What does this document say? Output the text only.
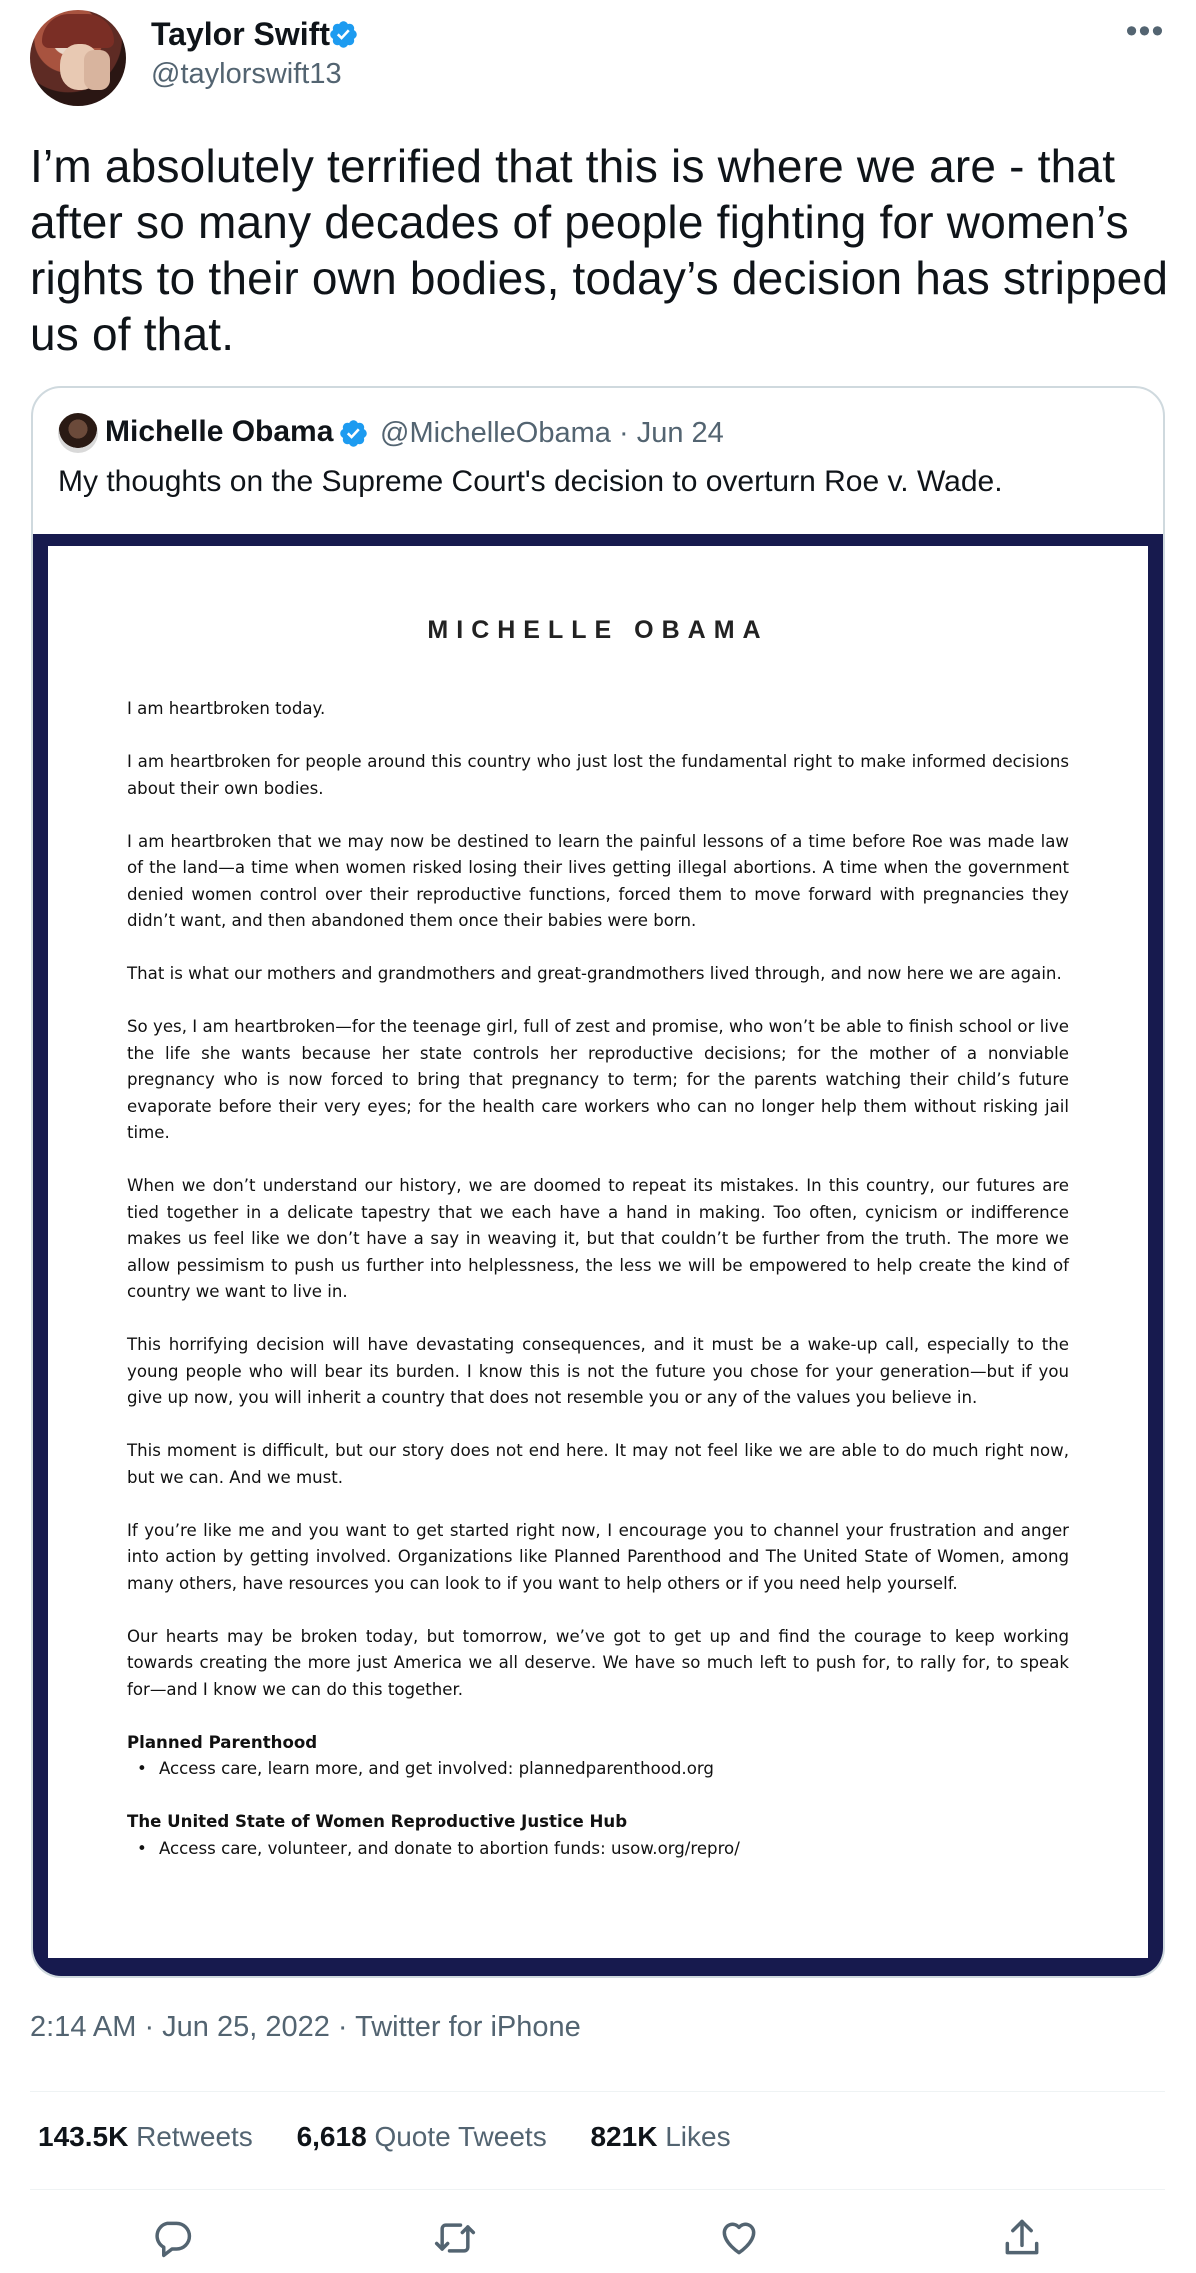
Taylor Swift
@taylorswift13
•••
I’m absolutely terrified that this is where we are - that after so many decades of people fighting for women’s rights to their own bodies, today’s decision has stripped us of that.
Michelle Obama @MichelleObama · Jun 24
My thoughts on the Supreme Court's decision to overturn Roe v. Wade.
MICHELLE OBAMA

I am heartbroken today.

I am heartbroken for people around this country who just lost the fundamental right to make informed decisions about their own bodies.

I am heartbroken that we may now be destined to learn the painful lessons of a time before Roe was made law of the land—a time when women risked losing their lives getting illegal abortions. A time when the government denied women control over their reproductive functions, forced them to move forward with pregnancies they didn’t want, and then abandoned them once their babies were born.

That is what our mothers and grandmothers and great-grandmothers lived through, and now here we are again.

So yes, I am heartbroken—for the teenage girl, full of zest and promise, who won’t be able to finish school or live the life she wants because her state controls her reproductive decisions; for the mother of a nonviable pregnancy who is now forced to bring that pregnancy to term; for the parents watching their child’s future evaporate before their very eyes; for the health care workers who can no longer help them without risking jail time.

When we don’t understand our history, we are doomed to repeat its mistakes. In this country, our futures are tied together in a delicate tapestry that we each have a hand in making. Too often, cynicism or indifference makes us feel like we don’t have a say in weaving it, but that couldn’t be further from the truth. The more we allow pessimism to push us further into helplessness, the less we will be empowered to help create the kind of country we want to live in.

This horrifying decision will have devastating consequences, and it must be a wake-up call, especially to the young people who will bear its burden. I know this is not the future you chose for your generation—but if you give up now, you will inherit a country that does not resemble you or any of the values you believe in.

This moment is difficult, but our story does not end here. It may not feel like we are able to do much right now, but we can. And we must.

If you’re like me and you want to get started right now, I encourage you to channel your frustration and anger into action by getting involved. Organizations like Planned Parenthood and The United State of Women, among many others, have resources you can look to if you want to help others or if you need help yourself.

Our hearts may be broken today, but tomorrow, we’ve got to get up and find the courage to keep working towards creating the more just America we all deserve. We have so much left to push for, to rally for, to speak for—and I know we can do this together.

Planned Parenthood

• Access care, learn more, and get involved: plannedparenthood.org

The United State of Women Reproductive Justice Hub

• Access care, volunteer, and donate to abortion funds: usow.org/repro/

2:14 AM · Jun 25, 2022 · Twitter for iPhone
143.5K Retweets 6,618 Quote Tweets 821K Likes
